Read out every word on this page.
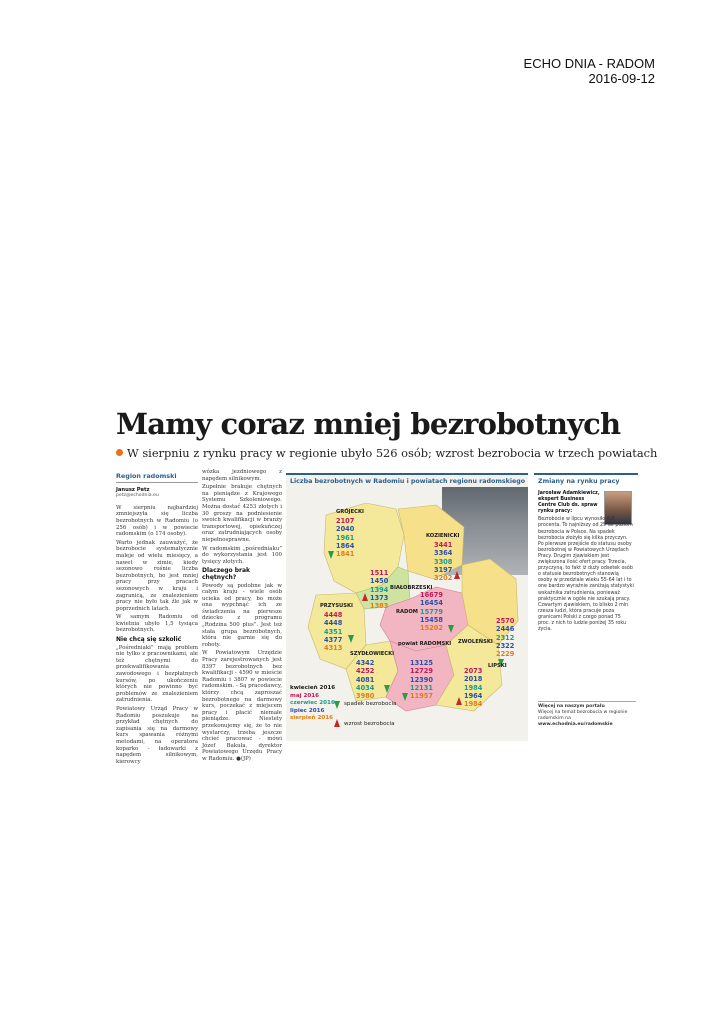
ECHO DNIA - RADOM
2016-09-12
Mamy coraz mniej bezrobotnych
W sierpniu z rynku pracy w regionie ubyło 526 osób; wzrost bezrobocia w trzech powiatach
Region radomski
Janusz Petz
petz@echodnia.eu

W sierpniu najbardziej zmniejszyła się liczba bezrobotnych w Radomiu (o 256 osób) i w powiecie radomskim (o 174 osoby).

Warto jednak zauważyć, że bezrobocie systematycznie maleje od wielu miesięcy, a nawet w zimie, kiedy sezonowo rośnie liczba bezrobotnych, bo jest mniej pracy przy pracach sezonowych w kraju i zagranicą, ze znalezieniem pracy nie było tak źle jak w poprzednich latach.

W samym Radomiu od kwietnia ubyło 1,5 tysiąca bezrobotnych.

Nie chcą się szkolić

„Pośredniaki” mają problem nie tylko z pracownikami, ale też chętnymi do przekwalifikowania zawodowego i bezpłatnych kursów, po ukończeniu których nie powinno być problemów ze znalezieniem zatrudnienia.

Powiatowy Urząd Pracy w Radomiu poszukuje na przykład chętnych do zapisania się na darmowy kurs spawania różnymi metodami, na operatora koparko - ładowarki z napędem silnikowym, kierowcy

wózka jezdniowego z napędem silnikowym.

Zupełnie brakuje chętnych na pieniądze z Krajowego Systemu Szkoleniowego. Można dostać 4253 złotych i 30 groszy na podniesienie swoich kwalifikacji w branży transportowej, opiekuńczej oraz zatrudniających osoby niepełnosprawne.

W radomskim „pośredniaku” do wykorzystania jest 100 tysięcy złotych.

Dlaczego brak chętnych?

Powody są podobne jak w całym kraju - wiele osób ucieka od pracy, bo może ona wypchnąć ich ze świadczenia na pierwsze dziecko z programu „Rodzina 500 plus”. Jest też stała grupa bezrobotnych, która nie garnie się do roboty.

W Powiatowym Urzędzie Pracy zarejestrowanych jest 8397 bezrobotnych bez kwalifikacji - 4590 w mieście Radomiu i 3807 w powiecie radomskim. - Są pracodawcy, którzy chcą zaproszać bezrobotnego na darmowy kurs, poczekać z miejscem pracy i płacić niemałe pieniądze. Niestety przekonujemy się, że to nie wystarczy, trzeba jeszcze chcieć pracować - mówi Józef Bakuła, dyrektor Powiatowego Urzędu Pracy w Radomiu. ●(JP)

Liczba bezrobotnych w Radomiu i powiatach regionu radomskiego
GRÓJECKI
2107
2040
1961
1864
1841
KOZIENICKI
3441
3364
3308
3197
3202
1511
1450
1394
1373
1383
BIAŁOBRZESKI
RADOM
16679
16454
15779
15458
15202
PRZYSUSKI
4448
4448
4351
4377
4313
SZYDŁOWIECKI
4342
4252
4081
4034
3980
powiat RADOMSKI
13125
12729
12390
12131
11957
ZWOLEŃSKI
2570
2446
2312
2322
2229
LIPSKI
2073
2018
1984
1964
1984
kwiecień 2016
maj 2016
czerwiec 2016
lipiec 2016
sierpień 2016
spadek bezrobocia
wzrost bezrobocia
Zmiany na rynku pracy

Jarosław Adamkiewicz, ekspert Business Centre Club ds. spraw rynku pracy:

Bezrobocie w lipcu wynosiło 8,6 procenta. To najniższy od 25 lat poziom bezrobocia w Polsce. Na spadek bezrobocia złożyło się kilka przyczyn. Po pierwsze przejście do statusu osoby bezrobotnej w Powiatowych Urzędach Pracy. Drugim zjawiskiem jest zwiększona ilość ofert pracy. Trzecia, przyczyną, to fakt iż duży odsetek osób o statusie bezrobotnych stanowią osoby w przedziale wieku 55-64 lat i to one bardzo wyraźnie zaniżają statystyki wskaźnika zatrudnienia, ponieważ praktycznie w ogóle nie szukają pracy. Czwartym zjawiskiem, to blisko 2 mln rzesza ludzi, która pracuje poza granicami Polski z czego ponad 75 proc. z nich to ludzie poniżej 35 roku życia.

Więcej na naszym portalu
Więcej na temat bezrobocia w regionie radomskim na
www.echodnia.eu/radomskie
